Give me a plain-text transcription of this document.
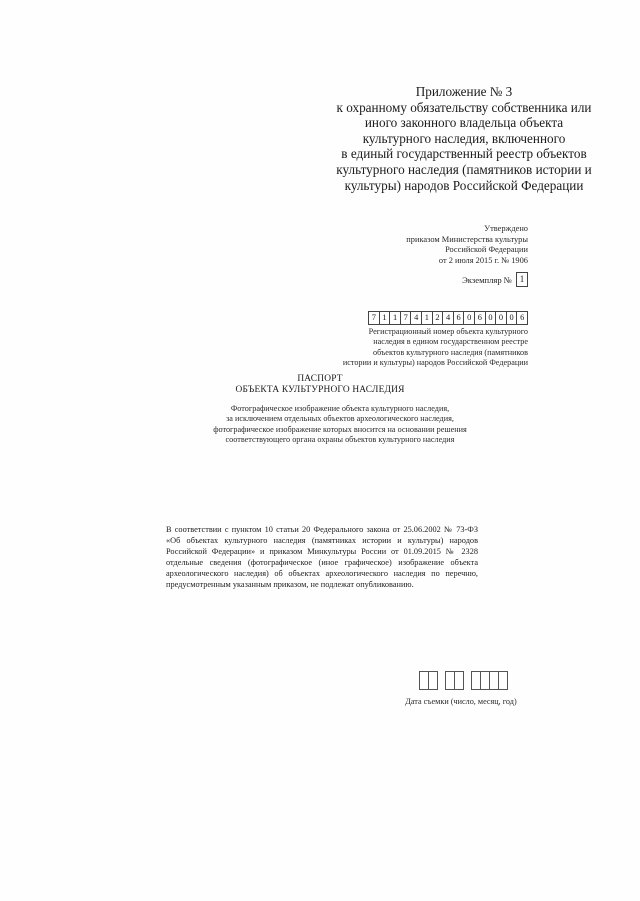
Приложение № 3
к охранному обязательству собственника или
иного законного владельца объекта
культурного наследия, включенного
в единый государственный реестр объектов
культурного наследия (памятников истории и
культуры) народов Российской Федерации
Утверждено
приказом Министерства культуры
Российской Федерации
от 2 июля 2015 г. № 1906
Экземпляр № 1
7 1 1 7 4 1 2 4 6 0 6 0 0 0 6
Регистрационный номер объекта культурного
наследия в едином государственном реестре
объектов культурного наследия (памятников
истории и культуры) народов Российской Федерации
ПАСПОРТ
ОБЪЕКТА КУЛЬТУРНОГО НАСЛЕДИЯ
Фотографическое изображение объекта культурного наследия,
за исключением отдельных объектов археологического наследия,
фотографическое изображение которых вносится на основании решения
соответствующего органа охраны объектов культурного наследия
В соответствии с пунктом 10 статьи 20 Федерального закона от 25.06.2002 № 73-ФЗ
«Об объектах культурного наследия (памятниках истории и культуры) народов
Российской Федерации» и приказом Минкультуры России от 01.09.2015 № 2328
отдельные сведения (фотографическое (иное графическое) изображение объекта
археологического наследия) об объектах археологического наследия по перечню,
предусмотренным указанным приказом, не подлежат опубликованию.
Дата съемки (число, месяц, год)
